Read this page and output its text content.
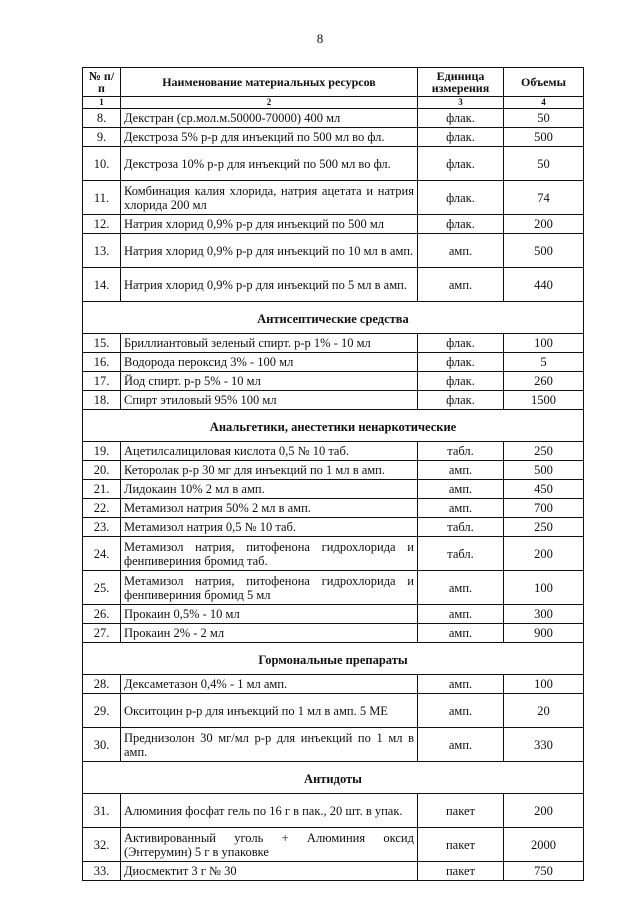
8
№ п/п	Наименование материальных ресурсов	Единица измерения	Объемы
1	2	3	4
8.	Декстран (ср.мол.м.50000-70000) 400 мл	флак.	50
9.	Декстроза 5% р-р для инъекций по 500 мл во фл.	флак.	500
10.	Декстроза 10% р-р для инъекций по 500 мл во фл.	флак.	50
11.	Комбинация калия хлорида, натрия ацетата и натрия хлорида 200 мл	флак.	74
12.	Натрия хлорид 0,9% р-р для инъекций по 500 мл	флак.	200
13.	Натрия хлорид 0,9% р-р для инъекций по 10 мл в амп.	амп.	500
14.	Натрия хлорид 0,9% р-р для инъекций по 5 мл в амп.	амп.	440
Антисептические средства			
15.	Бриллиантовый зеленый спирт. р-р 1% - 10 мл	флак.	100
16.	Водорода пероксид 3% - 100 мл	флак.	5
17.	Йод спирт. р-р 5% - 10 мл	флак.	260
18.	Спирт этиловый 95% 100 мл	флак.	1500
Анальгетики, анестетики ненаркотические			
19.	Ацетилсалициловая кислота 0,5 № 10 таб.	табл.	250
20.	Кеторолак р-р 30 мг для инъекций по 1 мл в амп.	амп.	500
21.	Лидокаин 10% 2 мл в амп.	амп.	450
22.	Метамизол натрия 50% 2 мл в амп.	амп.	700
23.	Метамизол натрия 0,5 № 10 таб.	табл.	250
24.	Метамизол натрия, питофенона гидрохлорида и фенпивериния бромид таб.	табл.	200
25.	Метамизол натрия, питофенона гидрохлорида и фенпивериния бромид 5 мл	амп.	100
26.	Прокаин 0,5% - 10 мл	амп.	300
27.	Прокаин 2% - 2 мл	амп.	900
Гормональные препараты			
28.	Дексаметазон 0,4% - 1 мл амп.	амп.	100
29.	Окситоцин р-р для инъекций по 1 мл в амп. 5 МЕ	амп.	20
30.	Преднизолон 30 мг/мл р-р для инъекций по 1 мл в амп.	амп.	330
Антидоты			
31.	Алюминия фосфат гель по 16 г в пак., 20 шт. в упак.	пакет	200
32.	Активированный уголь + Алюминия оксид (Энтерумин) 5 г в упаковке	пакет	2000
33.	Диосмектит 3 г № 30	пакет	750
